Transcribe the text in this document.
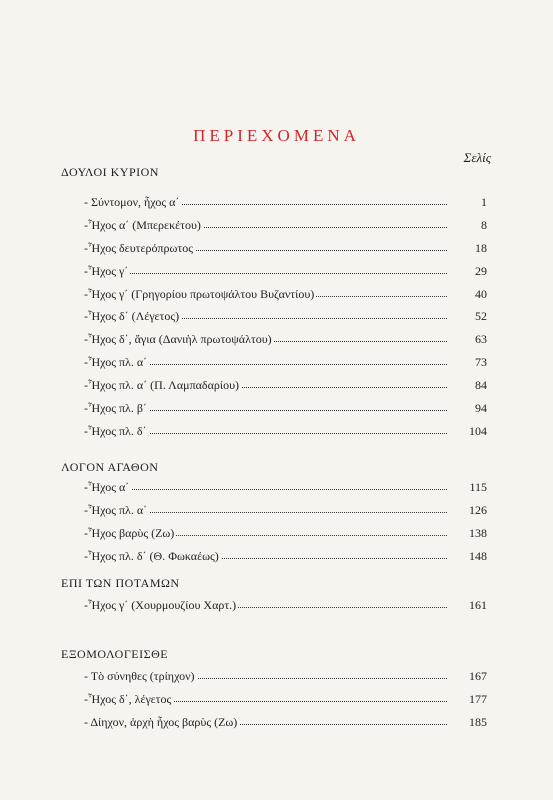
ΠΕΡΙΕΧΟΜΕΝΑ
Σελίς
ΔΟΥΛΟΙ ΚΥΡΙΟΝ
- Σύντομον, ἦχος α΄	1
-Ἦχος α΄ (Μπερεκέτου)	8
-Ἦχος δευτερόπρωτος	18
-Ἦχος γ΄	29
-Ἦχος γ΄ (Γρηγορίου πρωτοψάλτου Βυζαντίου)	40
-Ἦχος δ΄ (Λέγετος)	52
-Ἦχος δ΄, ἄγια (Δανιὴλ πρωτοψάλτου)	63
-Ἦχος πλ. α΄	73
-Ἦχος πλ. α΄ (Π. Λαμπαδαρίου)	84
-Ἦχος πλ. β΄	94
-Ἦχος πλ. δ΄	104
ΛΟΓΟΝ ΑΓΑΘΟΝ
-Ἦχος α΄	115
-Ἦχος πλ. α΄	126
-Ἦχος βαρὺς (Ζω)	138
-Ἦχος πλ. δ΄ (Θ. Φωκαέως)	148
ΕΠΙ ΤΩΝ ΠΟΤΑΜΩΝ
-Ἦχος γ΄ (Χουρμουζίου Χαρτ.)	161
ΕΞΟΜΟΛΟΓΕΙΣΘΕ
- Τὸ σύνηθες (τρίηχον)	167
-Ἦχος δ΄, λέγετος	177
- Δίηχον, ἀρχὴ ἦχος βαρὺς (Ζω)	185
